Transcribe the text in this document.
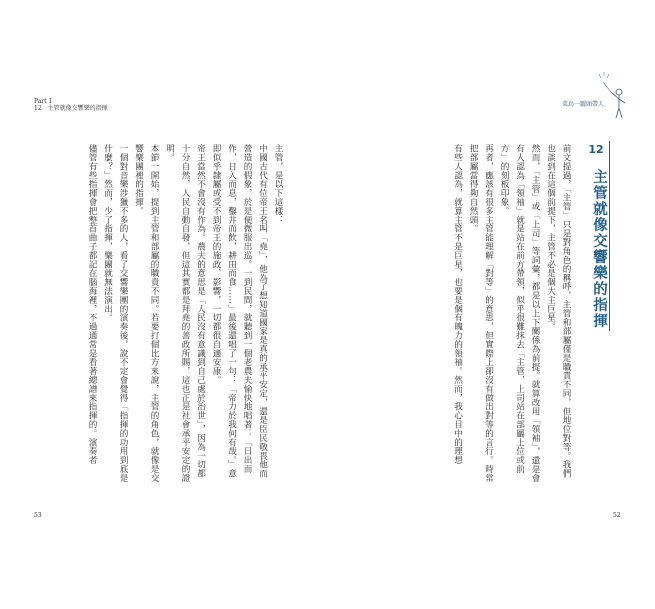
Part 1
12　主管就像交響樂的指揮

主管，是以下這樣：

中國古代有位帝王名叫「堯」，他為了想知道國家是真的承平安定，還是臣民敬畏他而營造的假象，於是便微服出巡。一到民間，就聽到一個老農夫愉快地唱著：「日出而作，日入而息，鑿井而飲，耕田而食……」最後還唱了一句：「帝力於我何有哉。」意即似乎隸屬或受不到帝王的施政、影響，一切都很自適安康。

帝王當然不會沒有作為。農夫的意思是「人民沒有意識到自己處於治世」，因為一切都十分自然，人民自動自發，但這其實都是拜堯的善政所賜，這也正是社會承平安定的證明。

本節一開始，提到主管和部屬的職責不同。若要打個比方來說，主管的角色，就像是交響樂團裡的指揮。

一個對音樂涉獵不多的人，看了交響樂團的演奏後，說不定會覺得「指揮的功用到底是什麼？」然而，少了指揮，樂團就無法演出。

儘管有些指揮會把整首曲子都記在腦海裡，不過通常是看著總譜來指揮的。演奏者

53
菜鳥一躍頭帶人
12
主管就像交響樂的指揮

前文提過，「主管」只是對角色的稱呼，主管和部屬僅是職責不同，但地位對等。我們也談到在這個前提下，主管不必是個大主巨星。

然而，「主管」或「上司」等詞彙，都是以上下關係為前提。就算改用「領袖」，還是會有人認為「領袖」就是站在前方帶領，似乎很難抹去「主管，上司站在部屬上位或前方」的刻板印象。

再者，應該有很多主管能理解「對等」的意思，但實際上卻沒有做出對等的言行。時常把部屬當得夠自然頭。

有些人認為，就算主管不是巨星，也要是個有魄力的領袖。然而，我心目中的理想

52
